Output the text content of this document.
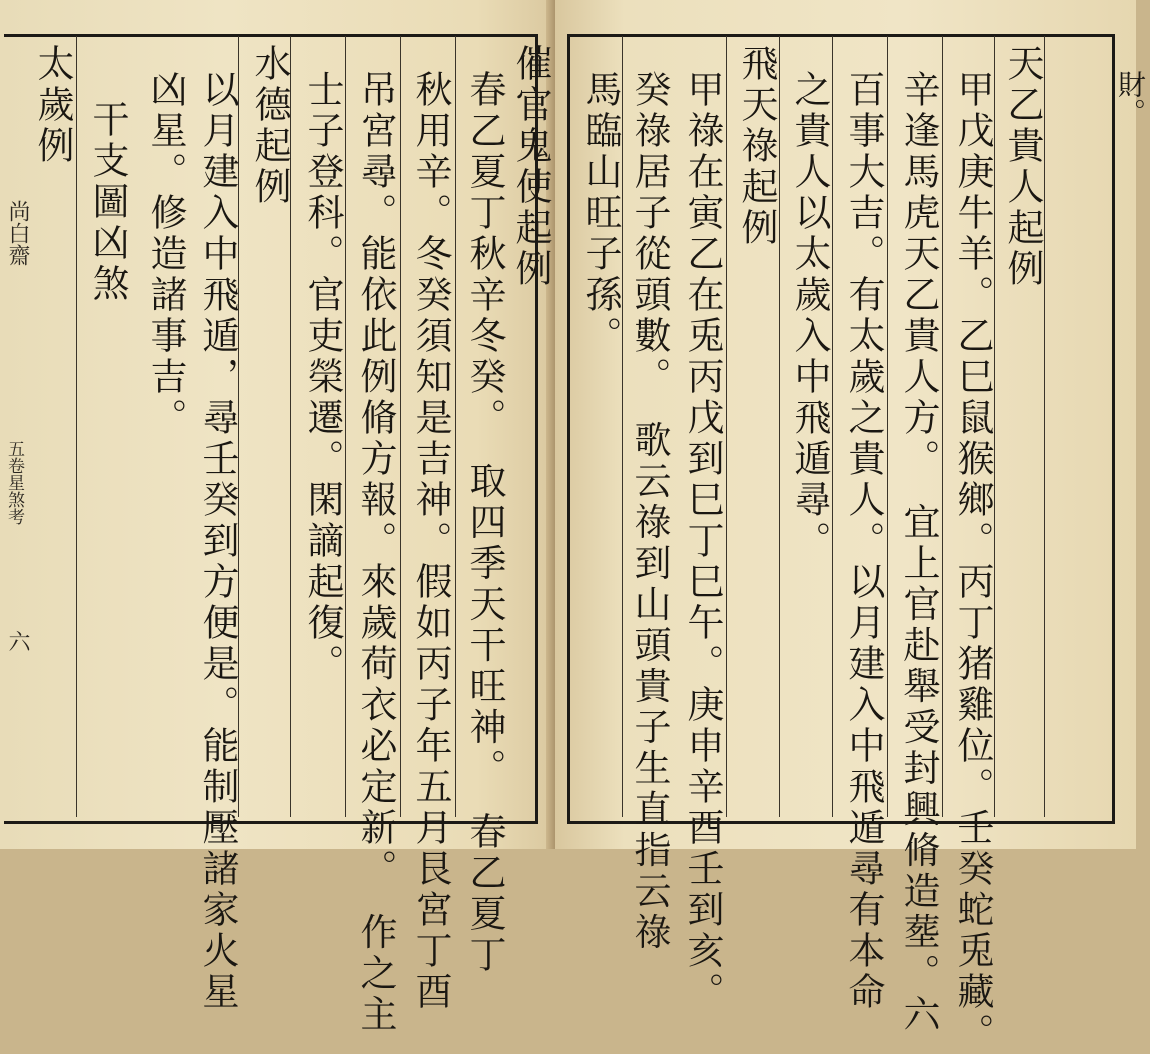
太歲例 凶星。修造諸事吉。
干支圖凶煞 以月建入中飛遁，尋壬癸到方便是。能制壓諸家火星 水德起例 士子登科。官吏榮遷。閑謫起復。 吊宮尋。能依此例脩方報。來歲荷衣必定新。　作之主 秋用辛。冬癸須知是吉神。假如丙子年五月艮宮丁酉 春乙夏丁秋辛冬癸。　取四季天干旺神。　春乙夏丁 催官鬼使起例
尚白齋
五卷星煞考
六
馬臨山旺子孫。 癸祿居子從頭數。　歌云祿到山頭貴子生直指云祿 甲祿在寅乙在兎丙戊到巳丁巳午。庚申辛酉壬到亥。 飛天祿起例 之貴人以太歲入中飛遁尋。 百事大吉。有太歲之貴人。以月建入中飛遁尋有本命 辛逢馬虎天乙貴人方。　宜上官赴舉受封興脩造塟。六 甲戊庚牛羊。乙巳鼠猴鄉。丙丁猪雞位。壬癸蛇兎藏。 天乙貴人起例	財。
